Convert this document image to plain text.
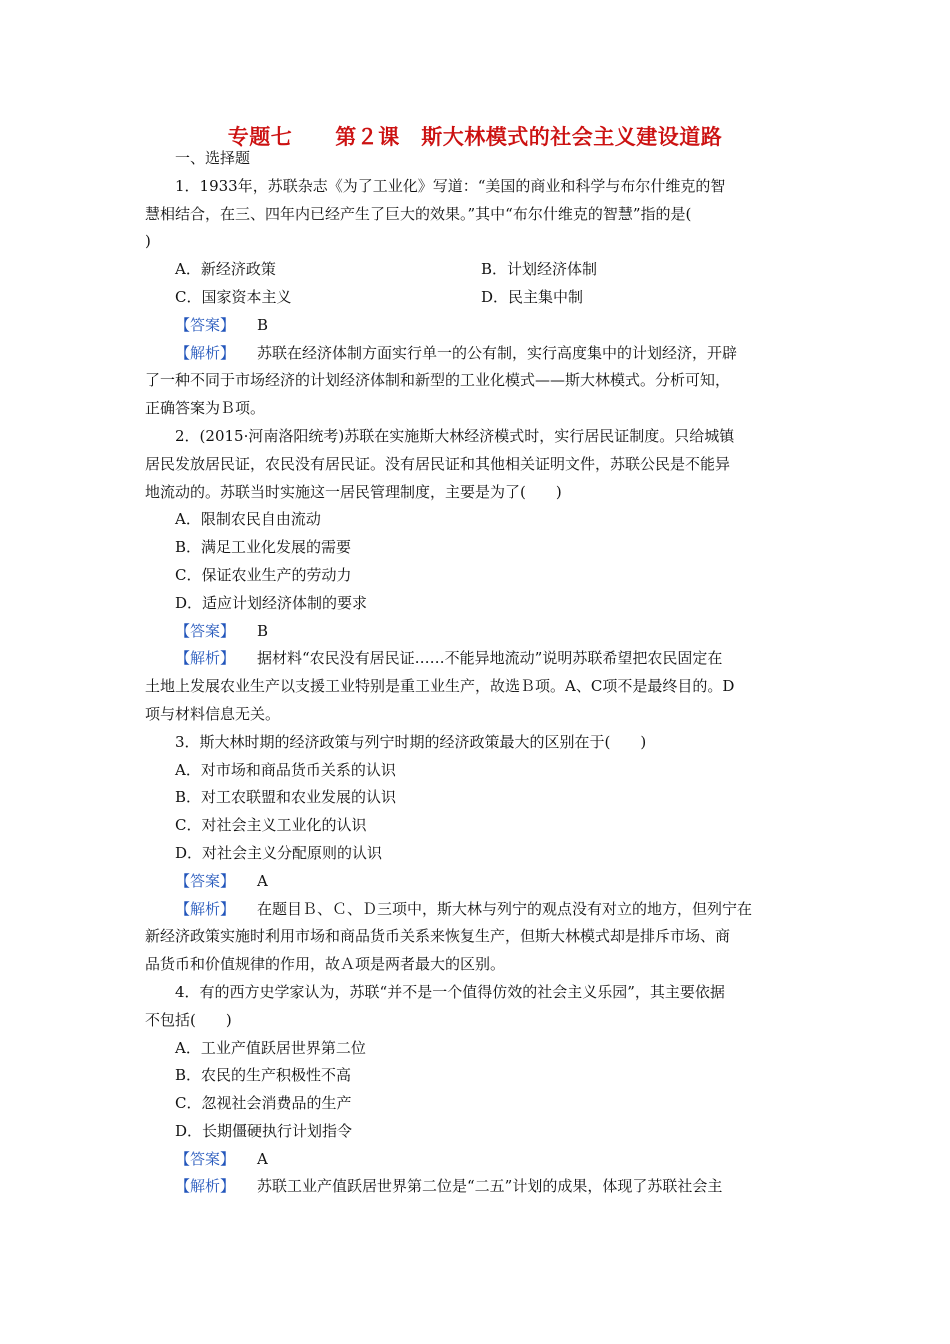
专题七　　第２课　斯大林模式的社会主义建设道路
一、选择题
1．1933年，苏联杂志《为了工业化》写道：“美国的商业和科学与布尔什维克的智
慧相结合，在三、四年内已经产生了巨大的效果。”其中“布尔什维克的智慧”指的是(
)
A．新经济政策	B．计划经济体制
C．国家资本主义	D．民主集中制
【答案】 B
【解析】 苏联在经济体制方面实行单一的公有制，实行高度集中的计划经济，开辟
了一种不同于市场经济的计划经济体制和新型的工业化模式——斯大林模式。分析可知，
正确答案为Ｂ项。
2．(2015·河南洛阳统考)苏联在实施斯大林经济模式时，实行居民证制度。只给城镇
居民发放居民证，农民没有居民证。没有居民证和其他相关证明文件，苏联公民是不能异
地流动的。苏联当时实施这一居民管理制度，主要是为了(　　)
A．限制农民自由流动
B．满足工业化发展的需要
C．保证农业生产的劳动力
D．适应计划经济体制的要求
【答案】 B
【解析】 据材料“农民没有居民证……不能异地流动”说明苏联希望把农民固定在
土地上发展农业生产以支援工业特别是重工业生产，故选Ｂ项。A、C项不是最终目的。D
项与材料信息无关。
3．斯大林时期的经济政策与列宁时期的经济政策最大的区别在于(　　)
A．对市场和商品货币关系的认识
B．对工农联盟和农业发展的认识
C．对社会主义工业化的认识
D．对社会主义分配原则的认识
【答案】 A
【解析】 在题目Ｂ、Ｃ、Ｄ三项中，斯大林与列宁的观点没有对立的地方，但列宁在
新经济政策实施时利用市场和商品货币关系来恢复生产，但斯大林模式却是排斥市场、商
品货币和价值规律的作用，故Ａ项是两者最大的区别。
4．有的西方史学家认为，苏联“并不是一个值得仿效的社会主义乐园”，其主要依据
不包括(　　)
A．工业产值跃居世界第二位
B．农民的生产积极性不高
C．忽视社会消费品的生产
D．长期僵硬执行计划指令
【答案】 A
【解析】 苏联工业产值跃居世界第二位是“二五”计划的成果，体现了苏联社会主
